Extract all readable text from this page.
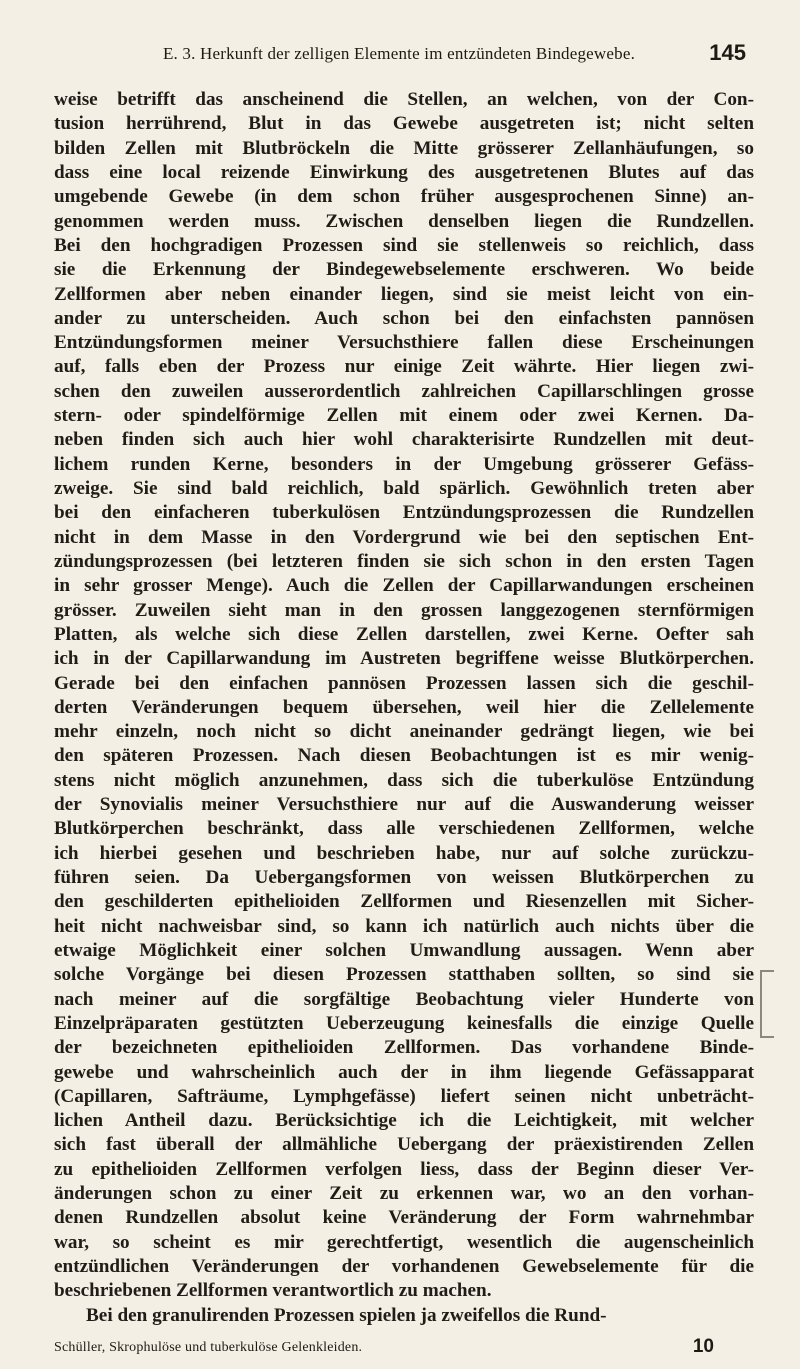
E. 3. Herkunft der zelligen Elemente im entzündeten Bindegewebe.	145
weise betrifft das anscheinend die Stellen, an welchen, von der Con-
tusion herrührend, Blut in das Gewebe ausgetreten ist; nicht selten
bilden Zellen mit Blutbröckeln die Mitte grösserer Zellanhäufungen, so
dass eine local reizende Einwirkung des ausgetretenen Blutes auf das
umgebende Gewebe (in dem schon früher ausgesprochenen Sinne) an-
genommen werden muss. Zwischen denselben liegen die Rundzellen.
Bei den hochgradigen Prozessen sind sie stellenweis so reichlich, dass
sie die Erkennung der Bindegewebselemente erschweren. Wo beide
Zellformen aber neben einander liegen, sind sie meist leicht von ein-
ander zu unterscheiden. Auch schon bei den einfachsten pannösen
Entzündungsformen meiner Versuchsthiere fallen diese Erscheinungen
auf, falls eben der Prozess nur einige Zeit währte. Hier liegen zwi-
schen den zuweilen ausserordentlich zahlreichen Capillarschlingen grosse
stern- oder spindelförmige Zellen mit einem oder zwei Kernen. Da-
neben finden sich auch hier wohl charakterisirte Rundzellen mit deut-
lichem runden Kerne, besonders in der Umgebung grösserer Gefäss-
zweige. Sie sind bald reichlich, bald spärlich. Gewöhnlich treten aber
bei den einfacheren tuberkulösen Entzündungsprozessen die Rundzellen
nicht in dem Masse in den Vordergrund wie bei den septischen Ent-
zündungsprozessen (bei letzteren finden sie sich schon in den ersten Tagen
in sehr grosser Menge). Auch die Zellen der Capillarwandungen erscheinen
grösser. Zuweilen sieht man in den grossen langgezogenen sternförmigen
Platten, als welche sich diese Zellen darstellen, zwei Kerne. Oefter sah
ich in der Capillarwandung im Austreten begriffene weisse Blutkörperchen.
Gerade bei den einfachen pannösen Prozessen lassen sich die geschil-
derten Veränderungen bequem übersehen, weil hier die Zellelemente
mehr einzeln, noch nicht so dicht aneinander gedrängt liegen, wie bei
den späteren Prozessen. Nach diesen Beobachtungen ist es mir wenig-
stens nicht möglich anzunehmen, dass sich die tuberkulöse Entzündung
der Synovialis meiner Versuchsthiere nur auf die Auswanderung weisser
Blutkörperchen beschränkt, dass alle verschiedenen Zellformen, welche
ich hierbei gesehen und beschrieben habe, nur auf solche zurückzu-
führen seien. Da Uebergangsformen von weissen Blutkörperchen zu
den geschilderten epithelioiden Zellformen und Riesenzellen mit Sicher-
heit nicht nachweisbar sind, so kann ich natürlich auch nichts über die
etwaige Möglichkeit einer solchen Umwandlung aussagen. Wenn aber
solche Vorgänge bei diesen Prozessen statthaben sollten, so sind sie
nach meiner auf die sorgfältige Beobachtung vieler Hunderte von
Einzelpräparaten gestützten Ueberzeugung keinesfalls die einzige Quelle
der bezeichneten epithelioiden Zellformen. Das vorhandene Binde-
gewebe und wahrscheinlich auch der in ihm liegende Gefässapparat
(Capillaren, Safträume, Lymphgefässe) liefert seinen nicht unbeträcht-
lichen Antheil dazu. Berücksichtige ich die Leichtigkeit, mit welcher
sich fast überall der allmähliche Uebergang der präexistirenden Zellen
zu epithelioiden Zellformen verfolgen liess, dass der Beginn dieser Ver-
änderungen schon zu einer Zeit zu erkennen war, wo an den vorhan-
denen Rundzellen absolut keine Veränderung der Form wahrnehmbar
war, so scheint es mir gerechtfertigt, wesentlich die augenscheinlich
entzündlichen Veränderungen der vorhandenen Gewebselemente für die
beschriebenen Zellformen verantwortlich zu machen.
Bei den granulirenden Prozessen spielen ja zweifellos die Rund-
Schüller, Skrophulöse und tuberkulöse Gelenkleiden.	10
